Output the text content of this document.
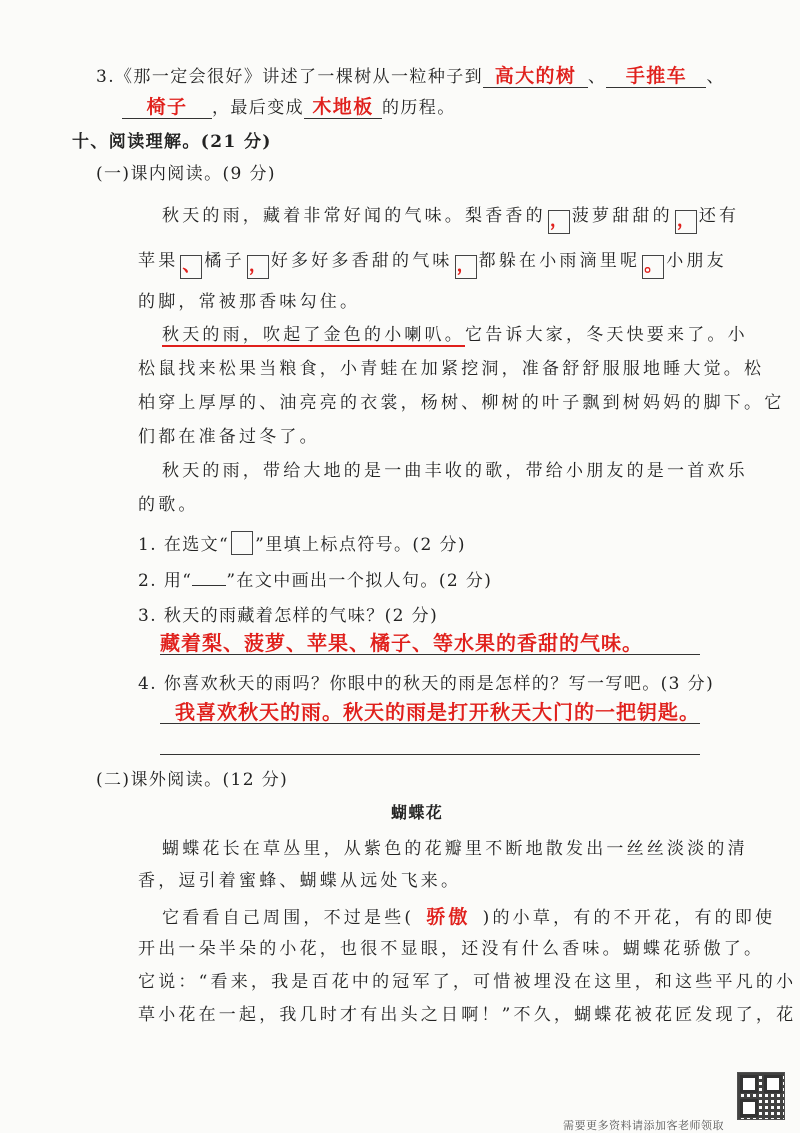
3.《那一定会很好》讲述了一棵树从一粒种子到 高大的树 、 手推车 、
椅子 ，最后变成 木地板 的历程。
十、阅读理解。(21 分)
(一)课内阅读。(9 分)
秋天的雨，藏着非常好闻的气味。梨香香的 ， 菠萝甜甜的 ， 还有
苹果 、 橘子 ， 好多好多香甜的气味 ， 都躲在小雨滴里呢 。 小朋友
的脚，常被那香味勾住。
秋天的雨，吹起了金色的小喇叭。它告诉大家，冬天快要来了。小
松鼠找来松果当粮食，小青蛙在加紧挖洞，准备舒舒服服地睡大觉。松
柏穿上厚厚的、油亮亮的衣裳，杨树、柳树的叶子飘到树妈妈的脚下。它
们都在准备过冬了。
秋天的雨，带给大地的是一曲丰收的歌，带给小朋友的是一首欢乐
的歌。
1. 在选文“ ”里填上标点符号。(2 分)
2. 用“ ”在文中画出一个拟人句。(2 分)
3. 秋天的雨藏着怎样的气味？(2 分)
藏着梨、菠萝、苹果、橘子、等水果的香甜的气味。
4. 你喜欢秋天的雨吗？你眼中的秋天的雨是怎样的？写一写吧。(3 分)
我喜欢秋天的雨。秋天的雨是打开秋天大门的一把钥匙。
(二)课外阅读。(12 分)
蝴蝶花
蝴蝶花长在草丛里，从紫色的花瓣里不断地散发出一丝丝淡淡的清
香，逗引着蜜蜂、蝴蝶从远处飞来。
它看看自己周围，不过是些( 骄傲 )的小草，有的不开花，有的即使
开出一朵半朵的小花，也很不显眼，还没有什么香味。蝴蝶花骄傲了。
它说：“看来，我是百花中的冠军了，可惜被埋没在这里，和这些平凡的小
草小花在一起，我几时才有出头之日啊！”不久，蝴蝶花被花匠发现了，花
需要更多资料请添加客老师领取
